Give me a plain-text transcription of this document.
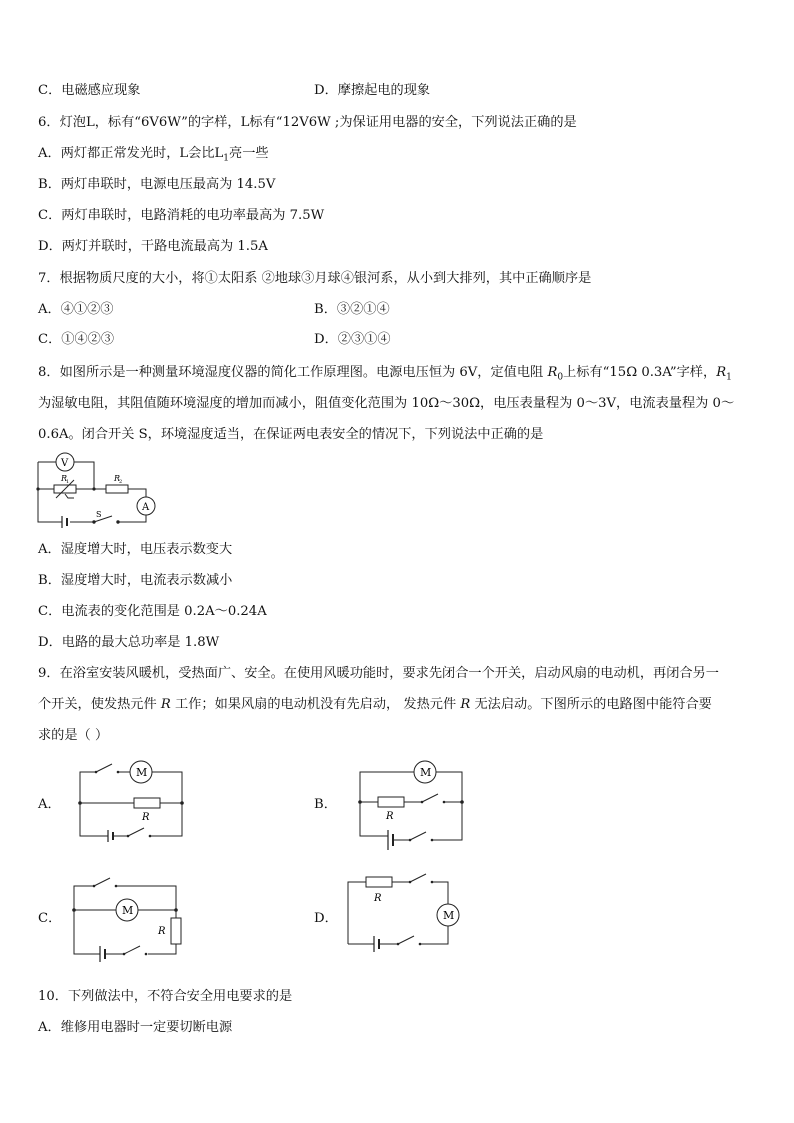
C．电磁感应现象	D．摩擦起电的现象
6．灯泡L，标有“6V6W”的字样，L标有“12V6W ;为保证用电器的安全，下列说法正确的是
A．两灯都正常发光时，L会比$L_1$亮一些
B．两灯串联时，电源电压最高为 14.5V
C．两灯串联时，电路消耗的电功率最高为 7.5W
D．两灯并联时，干路电流最高为 1.5A
7．根据物质尺度的大小，将①太阳系 ②地球③月球④银河系，从小到大排列，其中正确顺序是
A．④①②③	B．③②①④
C．①④②③	D．②③①④
8．如图所示是一种测量环境湿度仪器的简化工作原理图。电源电压恒为 6V，定值电阻 $R_0$上标有“15Ω 0.3A”字样，$R_1$
为湿敏电阻，其阻值随环境湿度的增加而减小，阻值变化范围为 10Ω～30Ω，电压表量程为 0～3V，电流表量程为 0～
0.6A。闭合开关 S，环境湿度适当，在保证两电表安全的情况下，下列说法中正确的是
V
A
R
1	R
2
S
A．湿度增大时，电压表示数变大
B．湿度增大时，电流表示数减小
C．电流表的变化范围是 0.2A～0.24A
D．电路的最大总功率是 1.8W
9．在浴室安装风暖机，受热面广、安全。在使用风暖功能时，要求先闭合一个开关，启动风扇的电动机，再闭合另一
个开关，使发热元件 R 工作；如果风扇的电动机没有先启动， 发热元件 R 无法启动。下图所示的电路图中能符合要
求的是（ ）
A．	B．
C．	D．
M
R
M
R
M
R
M
R
10．下列做法中，不符合安全用电要求的是
A．维修用电器时一定要切断电源
